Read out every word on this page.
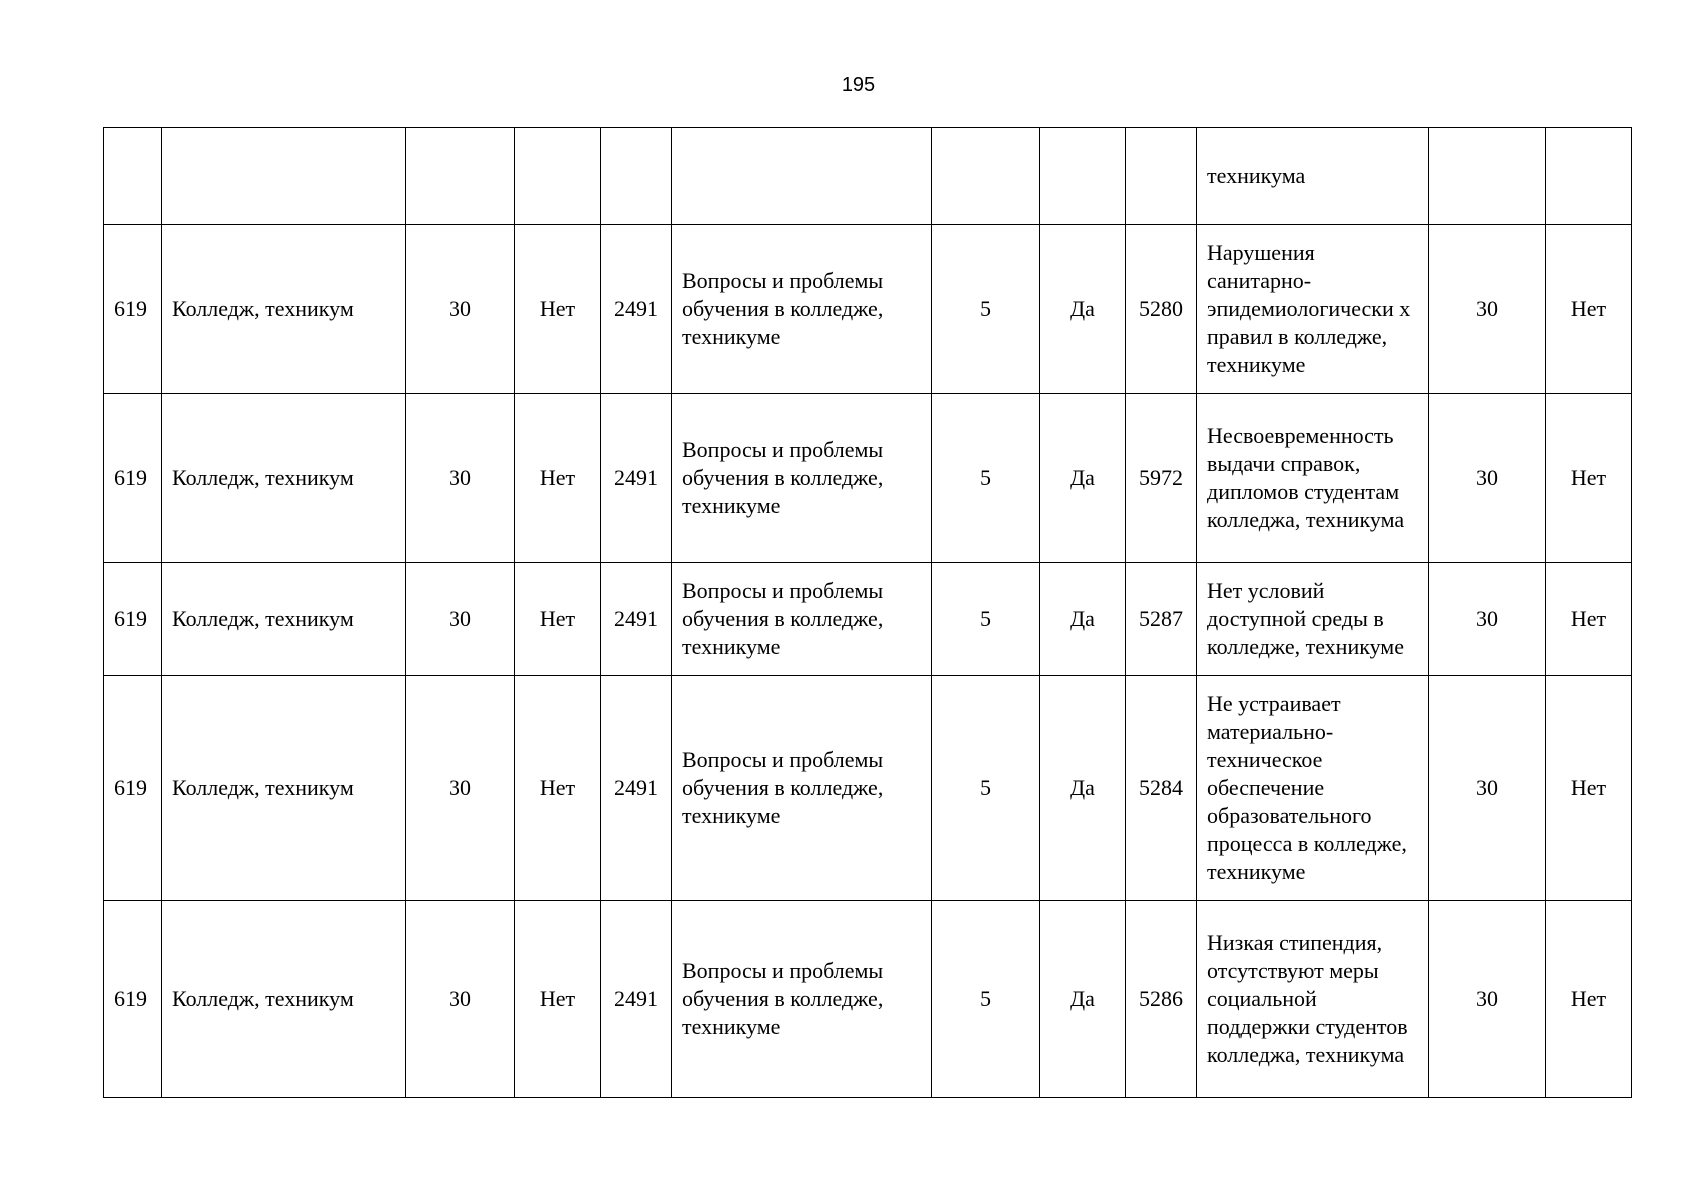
195
									техникума		
619	Колледж, техникум	30	Нет	2491	Вопросы и проблемы обучения в колледже, техникуме	5	Да	5280	Нарушения санитарно-эпидемиологически х правил в колледже, техникуме	30	Нет
619	Колледж, техникум	30	Нет	2491	Вопросы и проблемы обучения в колледже, техникуме	5	Да	5972	Несвоевременность выдачи справок, дипломов студентам колледжа, техникума	30	Нет
619	Колледж, техникум	30	Нет	2491	Вопросы и проблемы обучения в колледже, техникуме	5	Да	5287	Нет условий доступной среды в колледже, техникуме	30	Нет
619	Колледж, техникум	30	Нет	2491	Вопросы и проблемы обучения в колледже, техникуме	5	Да	5284	Не устраивает материально-техническое обеспечение образовательного процесса в колледже, техникуме	30	Нет
619	Колледж, техникум	30	Нет	2491	Вопросы и проблемы обучения в колледже, техникуме	5	Да	5286	Низкая стипендия, отсутствуют меры социальной поддержки студентов колледжа, техникума	30	Нет
